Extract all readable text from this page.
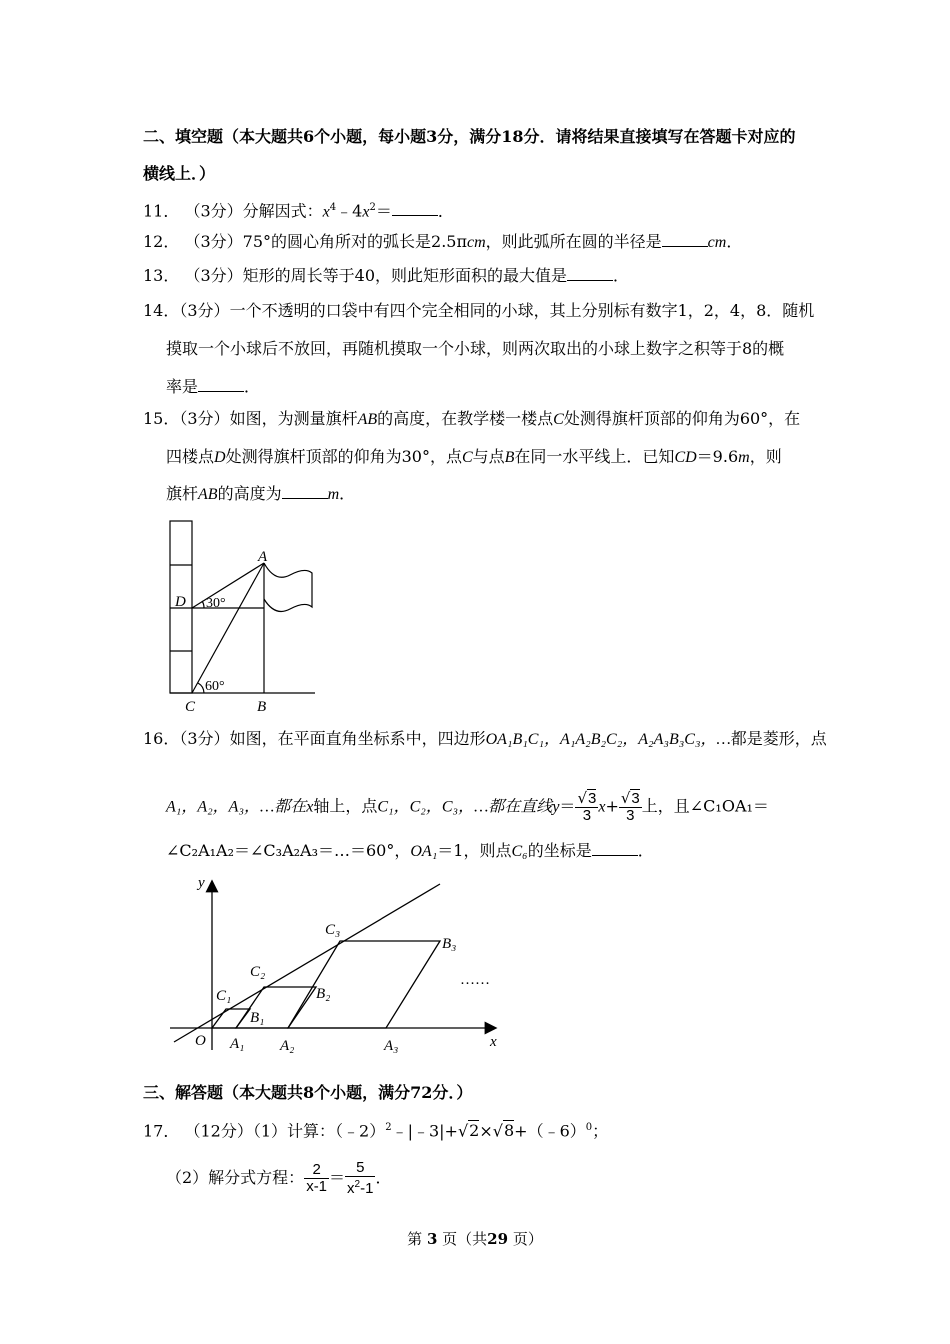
二、填空题（本大题共6个小题，每小题3分，满分18分．请将结果直接填写在答题卡对应的
横线上．）
11． （3分）分解因式：$x^4﹣4x^2=$	．
12． （3分）75°的圆心角所对的弧长是2.5πcm，则此弧所在圆的半径是	cm．
13． （3分）矩形的周长等于40，则此矩形面积的最大值是	．
14．（3分）一个不透明的口袋中有四个完全相同的小球，其上分别标有数字1，2，4，8．随机
摸取一个小球后不放回，再随机摸取一个小球，则两次取出的小球上数字之积等于8的概
率是	．
15．（3分）如图，为测量旗杆AB的高度，在教学楼一楼点C处测得旗杆顶部的仰角为60°，在
四楼点D处测得旗杆顶部的仰角为30°，点C与点B在同一水平线上．已知CD＝9.6m，则
旗杆AB的高度为	m．
A
D 30°
60°
C	B
16．（3分）如图，在平面直角坐标系中，四边形OA₁B₁C₁，A₁A₂B₂C₂，A₂A₃B₃C₃，…都是菱形，点
A₁，A₂，A₃，…都在x轴上，点C₁，C₂，C₃，…都在直线$y= \frac{√3}{3} x+ \frac{√3}{3}$ 上，且∠C₁OA₁＝
∠C₂A₁A₂＝∠C₃A₂A₃＝…＝60°，OA₁＝1，则点C₆的坐标是	．
y
x
O A₁ A₂	A₃
B₁
B₂
B₃
C₁
C₂
C₃
……
三、解答题（本大题共8个小题，满分72分．）
17． （12分）（1）计算：（﹣2）$^2$﹣|﹣3|+√2×√8+（﹣6）$^0$；
（2）解分式方程： $\frac{2}{x-1} = \frac{5}{x^2-1}$ ．
第 3 页（共29 页）
